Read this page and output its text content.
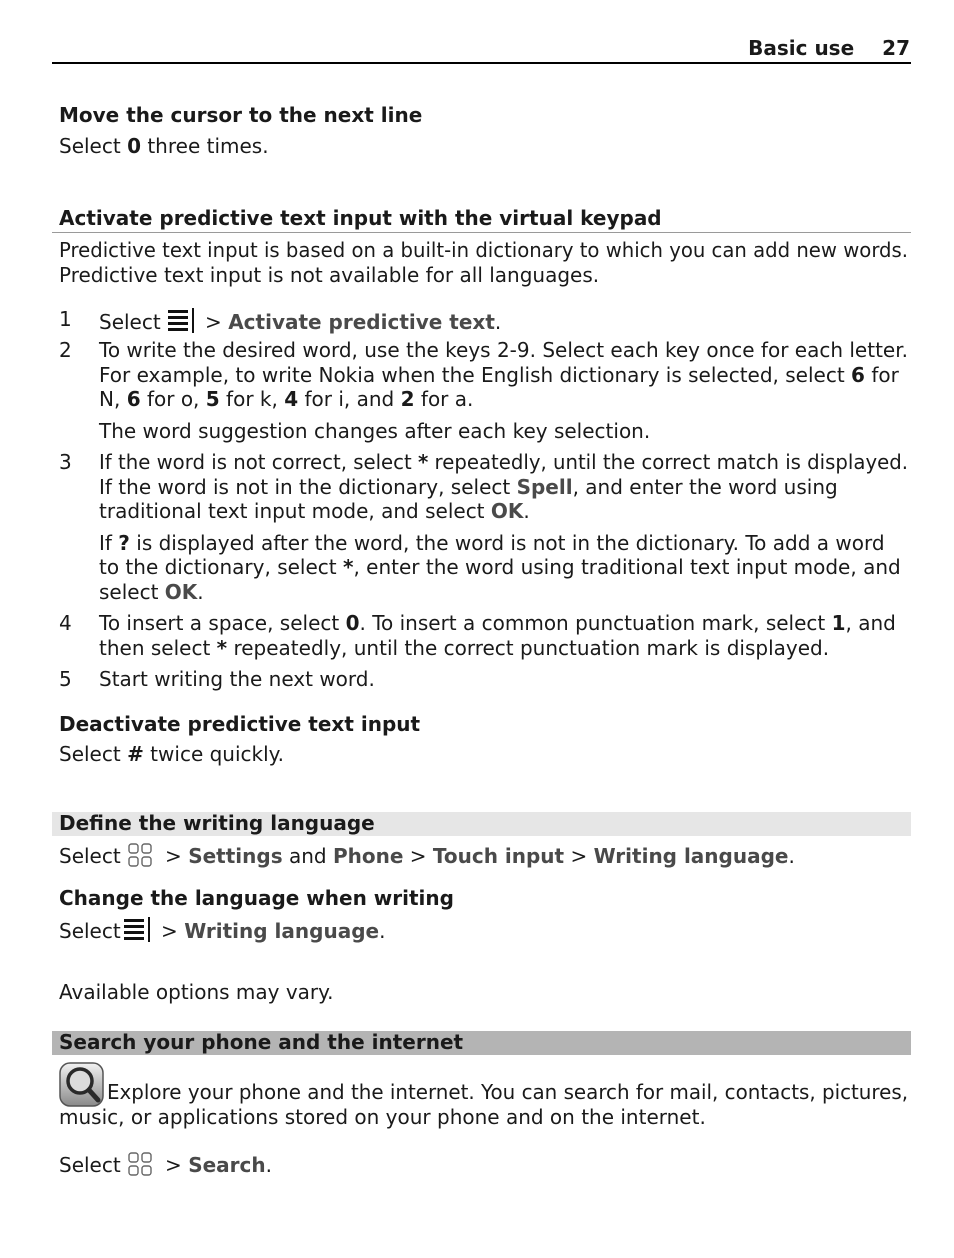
Basic use 27
Move the cursor to the next line
Select 0 three times.
Activate predictive text input with the virtual keypad
Predictive text input is based on a built-in dictionary to which you can add new words.
Predictive text input is not available for all languages.
1 Select > Activate predictive text.
2 To write the desired word, use the keys 2-9. Select each key once for each letter.
For example, to write Nokia when the English dictionary is selected, select 6 for
N, 6 for o, 5 for k, 4 for i, and 2 for a.
The word suggestion changes after each key selection.
3 If the word is not correct, select * repeatedly, until the correct match is displayed.
If the word is not in the dictionary, select Spell, and enter the word using
traditional text input mode, and select OK.
If ? is displayed after the word, the word is not in the dictionary. To add a word
to the dictionary, select *, enter the word using traditional text input mode, and
select OK.
4 To insert a space, select 0. To insert a common punctuation mark, select 1, and
then select * repeatedly, until the correct punctuation mark is displayed.
5 Start writing the next word.
Deactivate predictive text input
Select # twice quickly.
Define the writing language
Select > Settings and Phone > Touch input > Writing language.
Change the language when writing
Select > Writing language.
Available options may vary.
Search your phone and the internet
Explore your phone and the internet. You can search for mail, contacts, pictures,
music, or applications stored on your phone and on the internet.
Select > Search.
